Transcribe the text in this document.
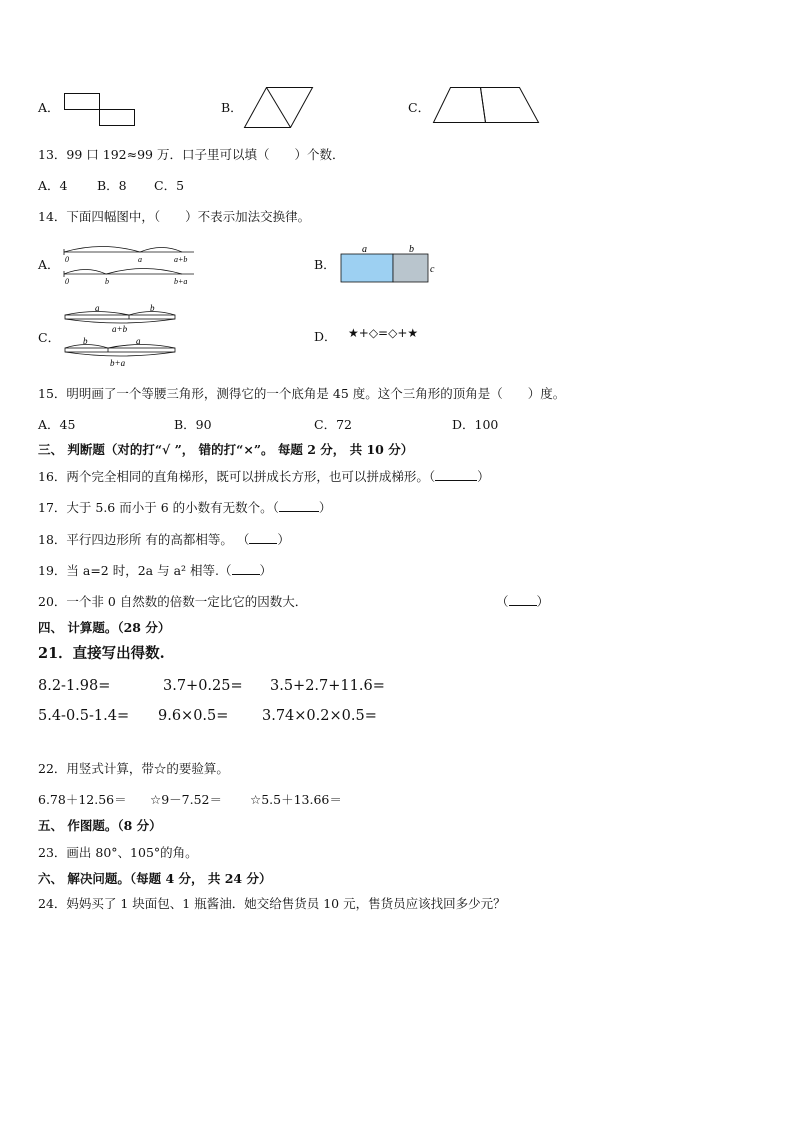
A．	B．	C．
13．99 口 192≈99 万．口子里可以填（　　）个数．
A．4 B．8 C．5
14．下面四幅图中，（　　）不表示加法交换律。
A． 0	a	a+b
0	b	b+a
B．
a	b
c
C．
a	b
a+b
b	a
b+a
D． ★+◇=◇+★
15．明明画了一个等腰三角形，测得它的一个底角是 45 度。这个三角形的顶角是（　　）度。
A．45	B．90	C．72	D．100
三、 判断题（对的打“√ ”， 错的打“×”。 每题 2 分， 共 10 分）
16．两个完全相同的直角梯形，既可以拼成长方形，也可以拼成梯形。（	）
17．大于 5.6 而小于 6 的小数有无数个。（	）
18．平行四边形所 有的高都相等。 （ ）
19．当 a=2 时，2a 与 a² 相等.（ ）
20．一个非 0 自然数的倍数一定比它的因数大．	（ ）
四、 计算题。（28 分）
21．直接写出得数.
8.2-1.98=	3.7+0.25= 3.5+2.7+11.6=
5.4-0.5-1.4= 9.6×0.5= 3.74×0.2×0.5=
22．用竖式计算，带☆的要验算。
6.78＋12.56＝ ☆9－7.52＝ ☆5.5＋13.66＝
五、 作图题。（8 分）
23．画出 80°、105°的角。
六、 解决问题。（每题 4 分， 共 24 分）
24．妈妈买了 1 块面包、1 瓶酱油．她交给售货员 10 元，售货员应该找回多少元？
